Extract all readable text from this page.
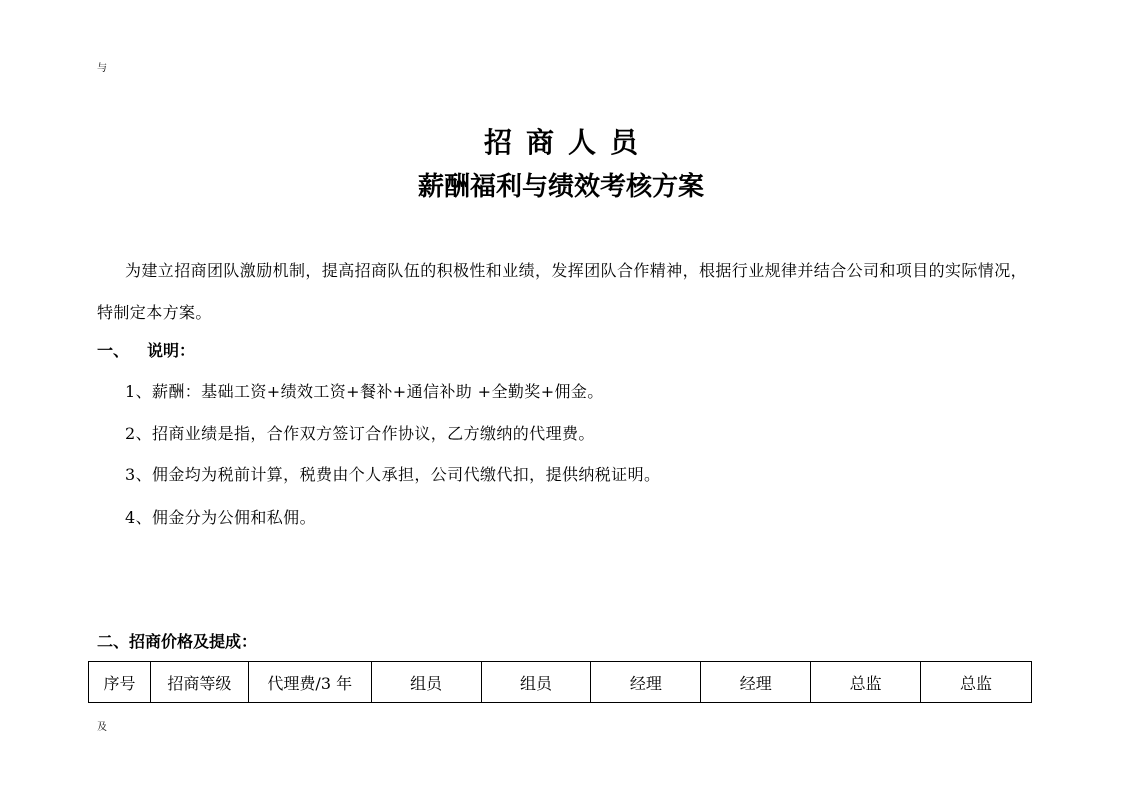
与
招商人员
薪酬福利与绩效考核方案

为建立招商团队激励机制，提高招商队伍的积极性和业绩，发挥团队合作精神，根据行业规律并结合公司和项目的实际情况，特制定本方案。

一、 说明：
1、薪酬：基础工资+绩效工资+餐补+通信补助 +全勤奖+佣金。
2、招商业绩是指，合作双方签订合作协议，乙方缴纳的代理费。
3、佣金均为税前计算，税费由个人承担，公司代缴代扣，提供纳税证明。
4、佣金分为公佣和私佣。
二、招商价格及提成：
序号	招商等级	代理费/3 年	组员	组员	经理	经理	总监	总监
及
